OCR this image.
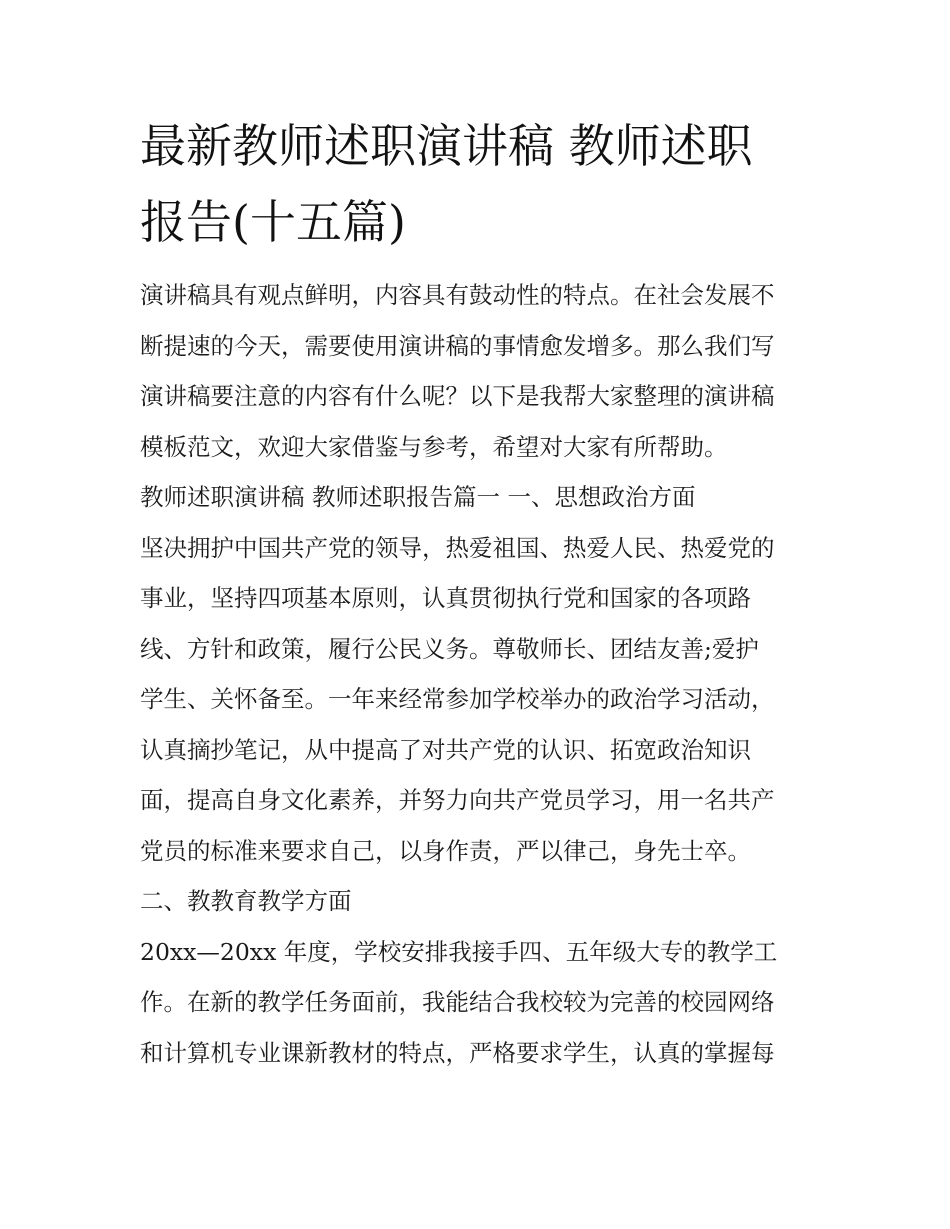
最新教师述职演讲稿 教师述职
报告(十五篇)

演讲稿具有观点鲜明，内容具有鼓动性的特点。在社会发展不
断提速的今天，需要使用演讲稿的事情愈发增多。那么我们写
演讲稿要注意的内容有什么呢？以下是我帮大家整理的演讲稿
模板范文，欢迎大家借鉴与参考，希望对大家有所帮助。

教师述职演讲稿 教师述职报告篇一 一、思想政治方面

坚决拥护中国共产党的领导，热爱祖国、热爱人民、热爱党的
事业，坚持四项基本原则，认真贯彻执行党和国家的各项路
线、方针和政策，履行公民义务。尊敬师长、团结友善;爱护
学生、关怀备至。一年来经常参加学校举办的政治学习活动，
认真摘抄笔记，从中提高了对共产党的认识、拓宽政治知识
面，提高自身文化素养，并努力向共产党员学习，用一名共产
党员的标准来要求自己，以身作责，严以律己，身先士卒。

二、教教育教学方面

20xx—20xx 年度，学校安排我接手四、五年级大专的教学工
作。在新的教学任务面前，我能结合我校较为完善的校园网络
和计算机专业课新教材的特点，严格要求学生，认真的掌握每
